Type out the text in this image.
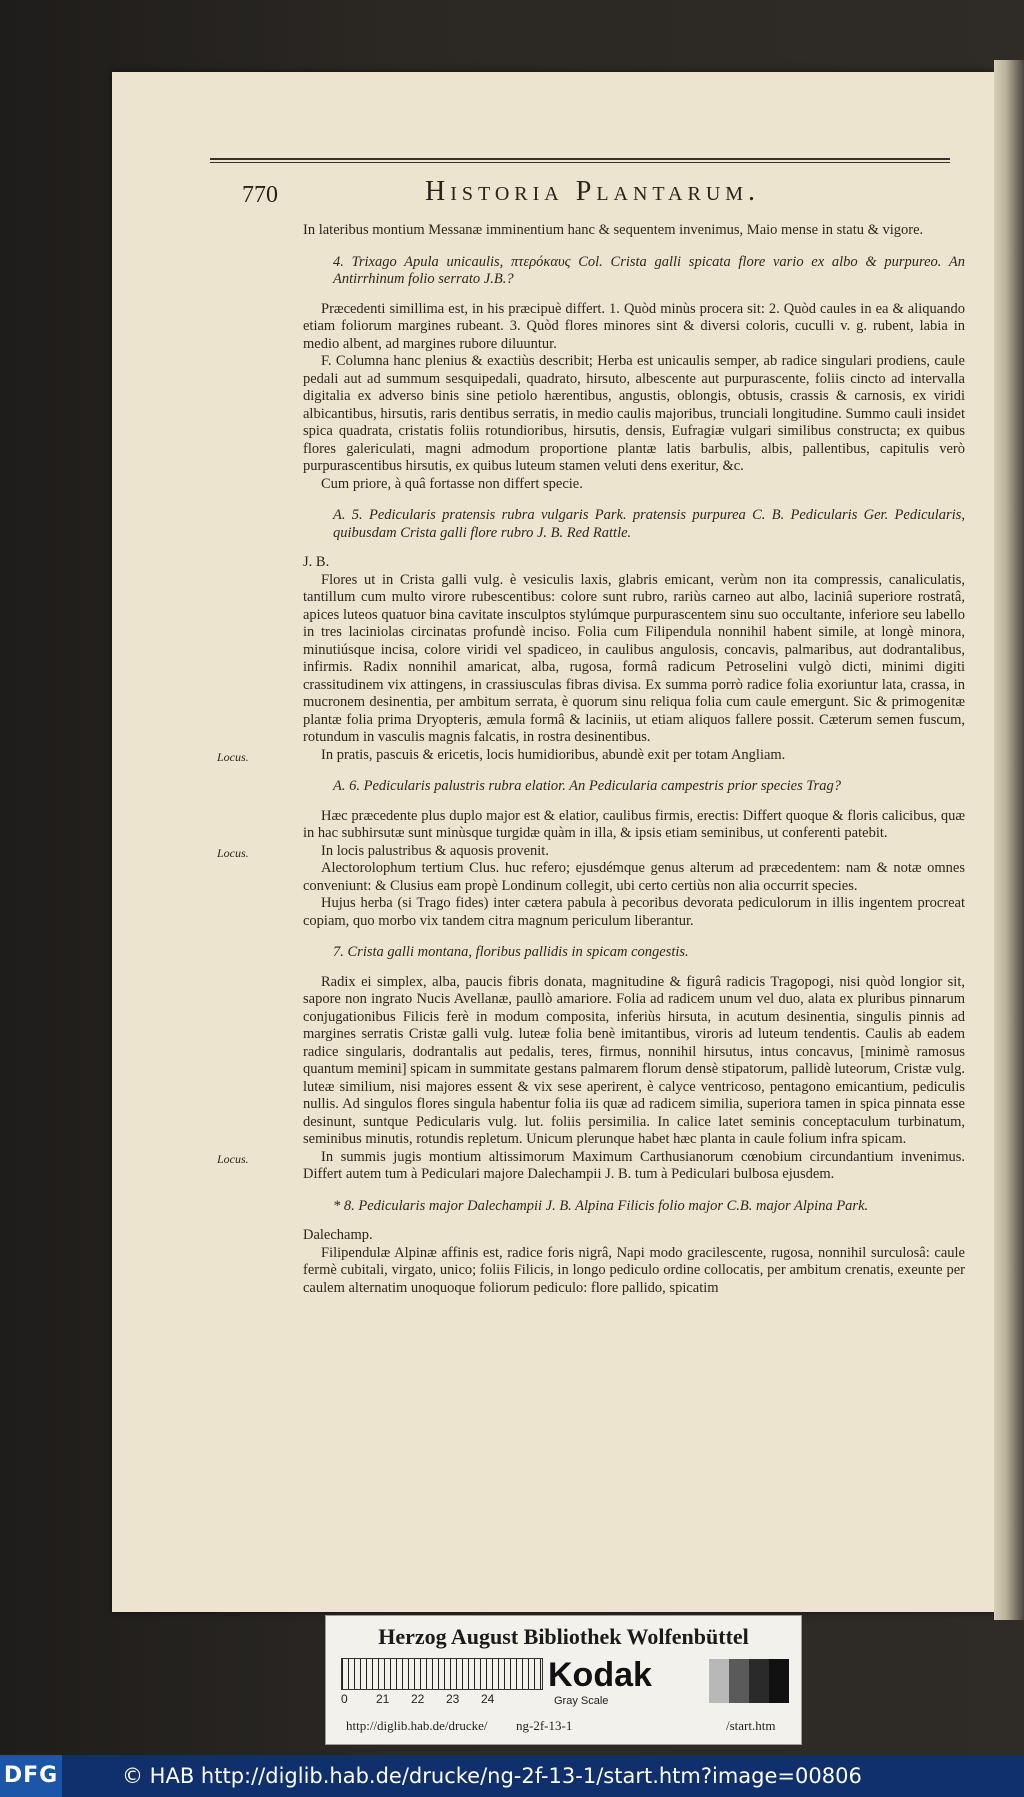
770	Historia Plantarum.

In lateribus montium Messanæ imminentium hanc & sequentem invenimus, Maio mense in statu & vigore.

4. Trixago Apula unicaulis, πτερόκαυς Col. Crista galli spicata flore vario ex albo & purpureo. An Antirrhinum folio serrato J.B.?

Præcedenti simillima est, in his præcipuè differt. 1. Quòd minùs procera sit: 2. Quòd caules in ea & aliquando etiam foliorum margines rubeant. 3. Quòd flores minores sint & diversi coloris, cuculli v. g. rubent, labia in medio albent, ad margines rubore diluuntur.

F. Columna hanc plenius & exactiùs describit; Herba est unicaulis semper, ab radice singulari prodiens, caule pedali aut ad summum sesquipedali, quadrato, hirsuto, albescente aut purpurascente, foliis cincto ad intervalla digitalia ex adverso binis sine petiolo hærentibus, angustis, oblongis, obtusis, crassis & carnosis, ex viridi albicantibus, hirsutis, raris dentibus serratis, in medio caulis majoribus, trunciali longitudine. Summo cauli insidet spica quadrata, cristatis foliis rotundioribus, hirsutis, densis, Eufragiæ vulgari similibus constructa; ex quibus flores galericulati, magni admodum proportione plantæ latis barbulis, albis, pallentibus, capitulis verò purpurascentibus hirsutis, ex quibus luteum stamen veluti dens exeritur, &c.

Cum priore, à quâ fortasse non differt specie.

A. 5. Pedicularis pratensis rubra vulgaris Park. pratensis purpurea C. B. Pedicularis Ger. Pedicularis, quibusdam Crista galli flore rubro J. B. Red Rattle.

J. B.

Flores ut in Crista galli vulg. è vesiculis laxis, glabris emicant, verùm non ita compressis, canaliculatis, tantillum cum multo virore rubescentibus: colore sunt rubro, rariùs carneo aut albo, laciniâ superiore rostratâ, apices luteos quatuor bina cavitate insculptos stylúmque purpurascentem sinu suo occultante, inferiore seu labello in tres laciniolas circinatas profundè inciso. Folia cum Filipendula nonnihil habent simile, at longè minora, minutiúsque incisa, colore viridi vel spadiceo, in caulibus angulosis, concavis, palmaribus, aut dodrantalibus, infirmis. Radix nonnihil amaricat, alba, rugosa, formâ radicum Petroselini vulgò dicti, minimi digiti crassitudinem vix attingens, in crassiusculas fibras divisa. Ex summa porrò radice folia exoriuntur lata, crassa, in mucronem desinentia, per ambitum serrata, è quorum sinu reliqua folia cum caule emergunt. Sic & primogenitæ plantæ folia prima Dryopteris, æmula formâ & laciniis, ut etiam aliquos fallere possit. Cæterum semen fuscum, rotundum in vasculis magnis falcatis, in rostra desinentibus.

In pratis, pascuis & ericetis, locis humidioribus, abundè exit per totam Angliam.
Locus.

A. 6. Pedicularis palustris rubra elatior. An Pedicularia campestris prior species Trag?

Hæc præcedente plus duplo major est & elatior, caulibus firmis, erectis: Differt quoque & floris calicibus, quæ in hac subhirsutæ sunt minùsque turgidæ quàm in illa, & ipsis etiam seminibus, ut conferenti patebit.

In locis palustribus & aquosis provenit.
Locus.

Alectorolophum tertium Clus. huc refero; ejusdémque genus alterum ad præcedentem: nam & notæ omnes conveniunt: & Clusius eam propè Londinum collegit, ubi certo certiùs non alia occurrit species.

Hujus herba (si Trago fides) inter cætera pabula à pecoribus devorata pediculorum in illis ingentem procreat copiam, quo morbo vix tandem citra magnum periculum liberantur.

7. Crista galli montana, floribus pallidis in spicam congestis.

Radix ei simplex, alba, paucis fibris donata, magnitudine & figurâ radicis Tragopogi, nisi quòd longior sit, sapore non ingrato Nucis Avellanæ, paullò amariore. Folia ad radicem unum vel duo, alata ex pluribus pinnarum conjugationibus Filicis ferè in modum composita, inferiùs hirsuta, in acutum desinentia, singulis pinnis ad margines serratis Cristæ galli vulg. luteæ folia benè imitantibus, viroris ad luteum tendentis. Caulis ab eadem radice singularis, dodrantalis aut pedalis, teres, firmus, nonnihil hirsutus, intus concavus, [minimè ramosus quantum memini] spicam in summitate gestans palmarem florum densè stipatorum, pallidè luteorum, Cristæ vulg. luteæ similium, nisi majores essent & vix sese aperirent, è calyce ventricoso, pentagono emicantium, pediculis nullis. Ad singulos flores singula habentur folia iis quæ ad radicem similia, superiora tamen in spica pinnata esse desinunt, suntque Pedicularis vulg. lut. foliis persimilia. In calice latet seminis conceptaculum turbinatum, seminibus minutis, rotundis repletum. Unicum plerunque habet hæc planta in caule folium infra spicam.

In summis jugis montium altissimorum Maximum Carthusianorum cœnobium circundantium invenimus. Differt autem tum à Pediculari majore Dalechampii J. B. tum à Pediculari bulbosa ejusdem.
Locus.

* 8. Pedicularis major Dalechampii J. B. Alpina Filicis folio major C.B. major Alpina Park.

Dalechamp.

Filipendulæ Alpinæ affinis est, radice foris nigrâ, Napi modo gracilescente, rugosa, nonnihil surculosâ: caule fermè cubitali, virgato, unico; foliis Filicis, in longo pediculo ordine collocatis, per ambitum crenatis, exeunte per caulem alternatim unoquoque foliorum pediculo: flore pallido, spicatim

Herzog August Bibliothek Wolfenbüttel
0 21 22 23 24
Kodak
Gray Scale
http://diglib.hab.de/drucke/ ng-2f-13-1	/start.htm
DFG	© HAB http://diglib.hab.de/drucke/ng-2f-13-1/start.htm?image=00806
